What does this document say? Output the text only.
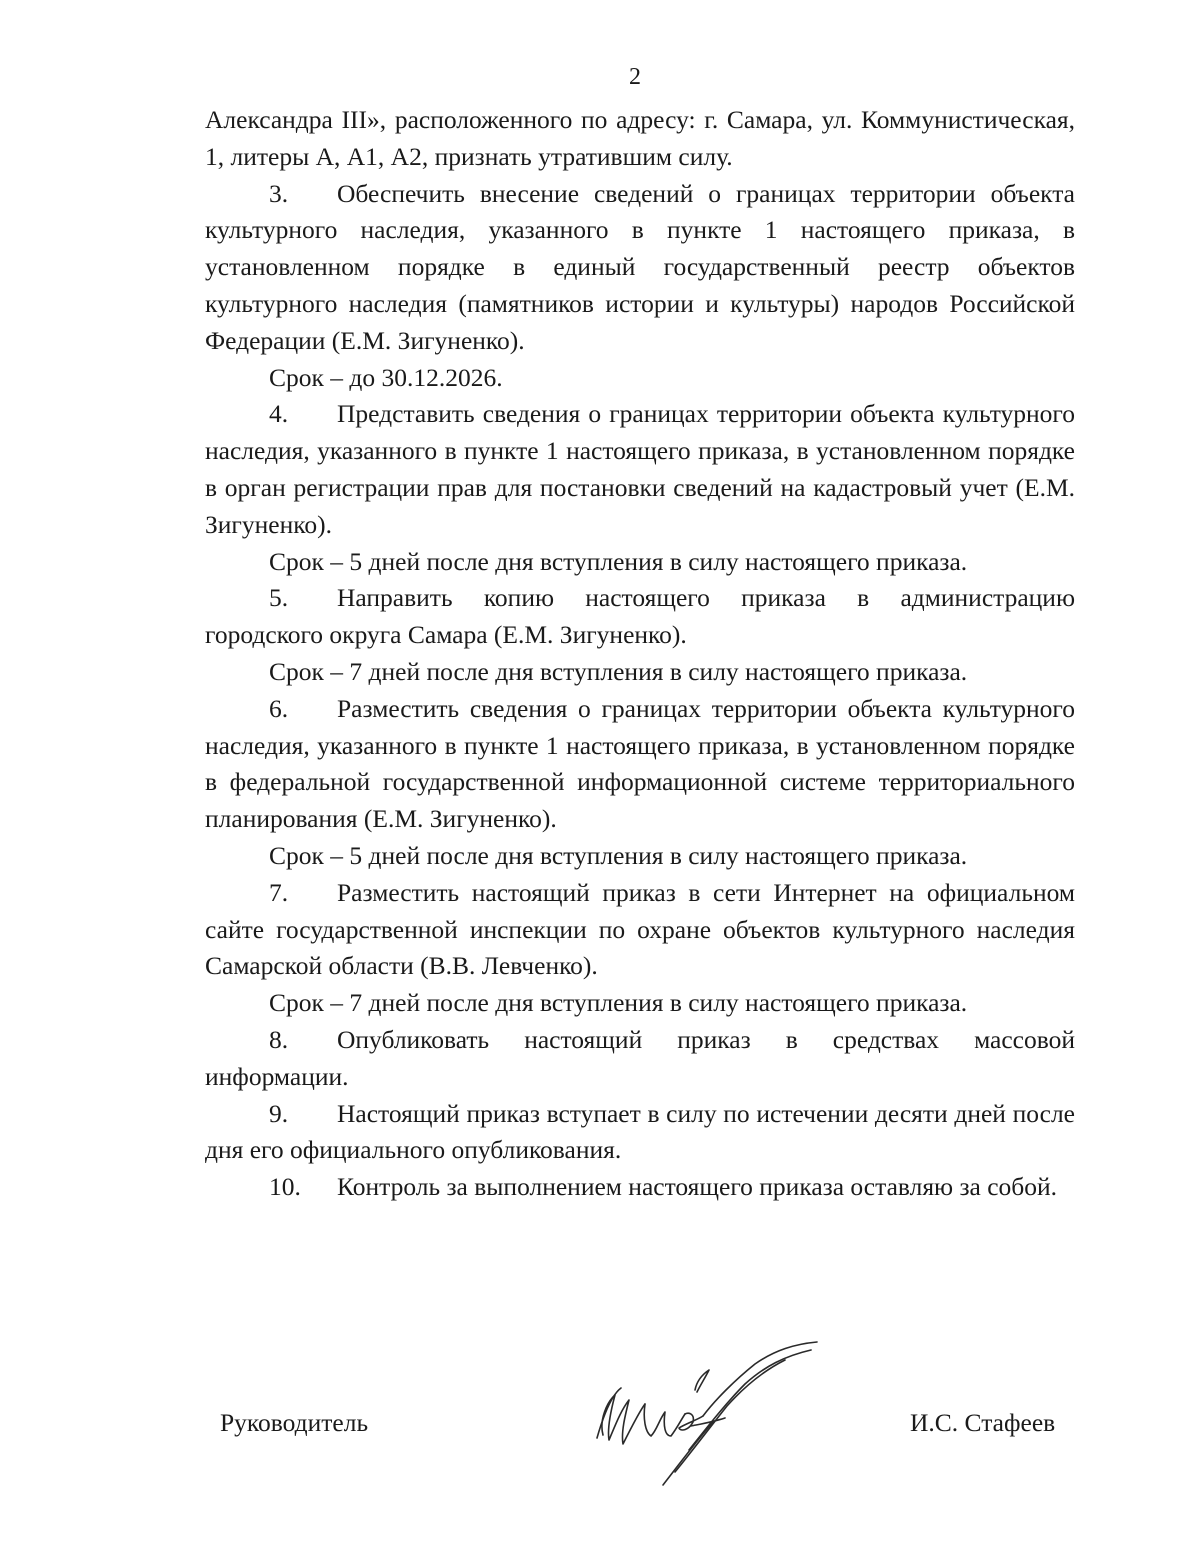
2

Александра III», расположенного по адресу: г. Самара, ул. Коммунистическая, 1, литеры А, А1, А2, признать утратившим силу.

3. Обеспечить внесение сведений о границах территории объекта культурного наследия, указанного в пункте 1 настоящего приказа, в установленном порядке в единый государственный реестр объектов культурного наследия (памятников истории и культуры) народов Российской Федерации (Е.М. Зигуненко).

Срок – до 30.12.2026.

4. Представить сведения о границах территории объекта культурного наследия, указанного в пункте 1 настоящего приказа, в установленном порядке в орган регистрации прав для постановки сведений на кадастровый учет (Е.М. Зигуненко).

Срок – 5 дней после дня вступления в силу настоящего приказа.

5. Направить копию настоящего приказа в администрацию городского округа Самара (Е.М. Зигуненко).

Срок – 7 дней после дня вступления в силу настоящего приказа.

6. Разместить сведения о границах территории объекта культурного наследия, указанного в пункте 1 настоящего приказа, в установленном порядке в федеральной государственной информационной системе территориального планирования (Е.М. Зигуненко).

Срок – 5 дней после дня вступления в силу настоящего приказа.

7. Разместить настоящий приказ в сети Интернет на официальном сайте государственной инспекции по охране объектов культурного наследия Самарской области (В.В. Левченко).

Срок – 7 дней после дня вступления в силу настоящего приказа.

8. Опубликовать настоящий приказ в средствах массовой информации.

9. Настоящий приказ вступает в силу по истечении десяти дней после дня его официального опубликования.

10. Контроль за выполнением настоящего приказа оставляю за собой.

Руководитель	И.С. Стафеев
